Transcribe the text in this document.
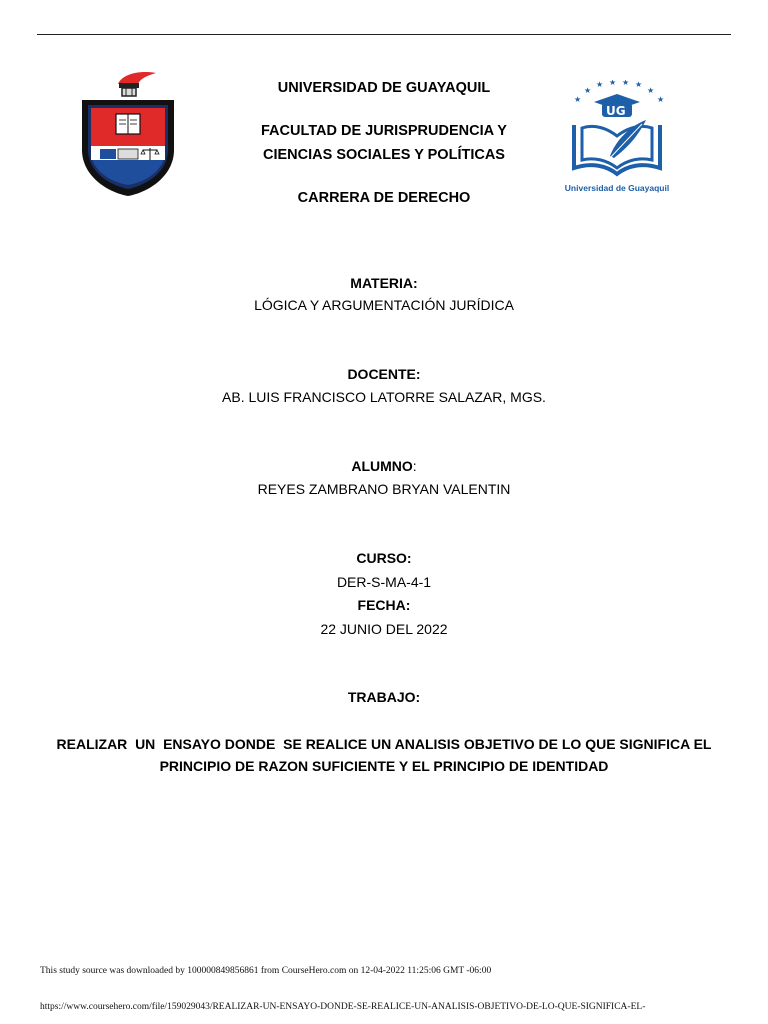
★
★
★ ★ ★ ★
★
★
UG
Universidad de Guayaquil
UNIVERSIDAD DE GUAYAQUIL
FACULTAD DE JURISPRUDENCIA Y
CIENCIAS SOCIALES Y POLÍTICAS
CARRERA DE DERECHO
MATERIA:
LÓGICA Y ARGUMENTACIÓN JURÍDICA
DOCENTE:
AB. LUIS FRANCISCO LATORRE SALAZAR, MGS.
ALUMNO:
REYES ZAMBRANO BRYAN VALENTIN
CURSO:
DER-S-MA-4-1
FECHA:
22 JUNIO DEL 2022
TRABAJO:
REALIZAR  UN  ENSAYO DONDE  SE REALICE UN ANALISIS OBJETIVO DE LO QUE SIGNIFICA EL
PRINCIPIO DE RAZON SUFICIENTE Y EL PRINCIPIO DE IDENTIDAD
This study source was downloaded by 100000849856861 from CourseHero.com on 12-04-2022 11:25:06 GMT -06:00
https://www.coursehero.com/file/159029043/REALIZAR-UN-ENSAYO-DONDE-SE-REALICE-UN-ANALISIS-OBJETIVO-DE-LO-QUE-SIGNIFICA-EL-
